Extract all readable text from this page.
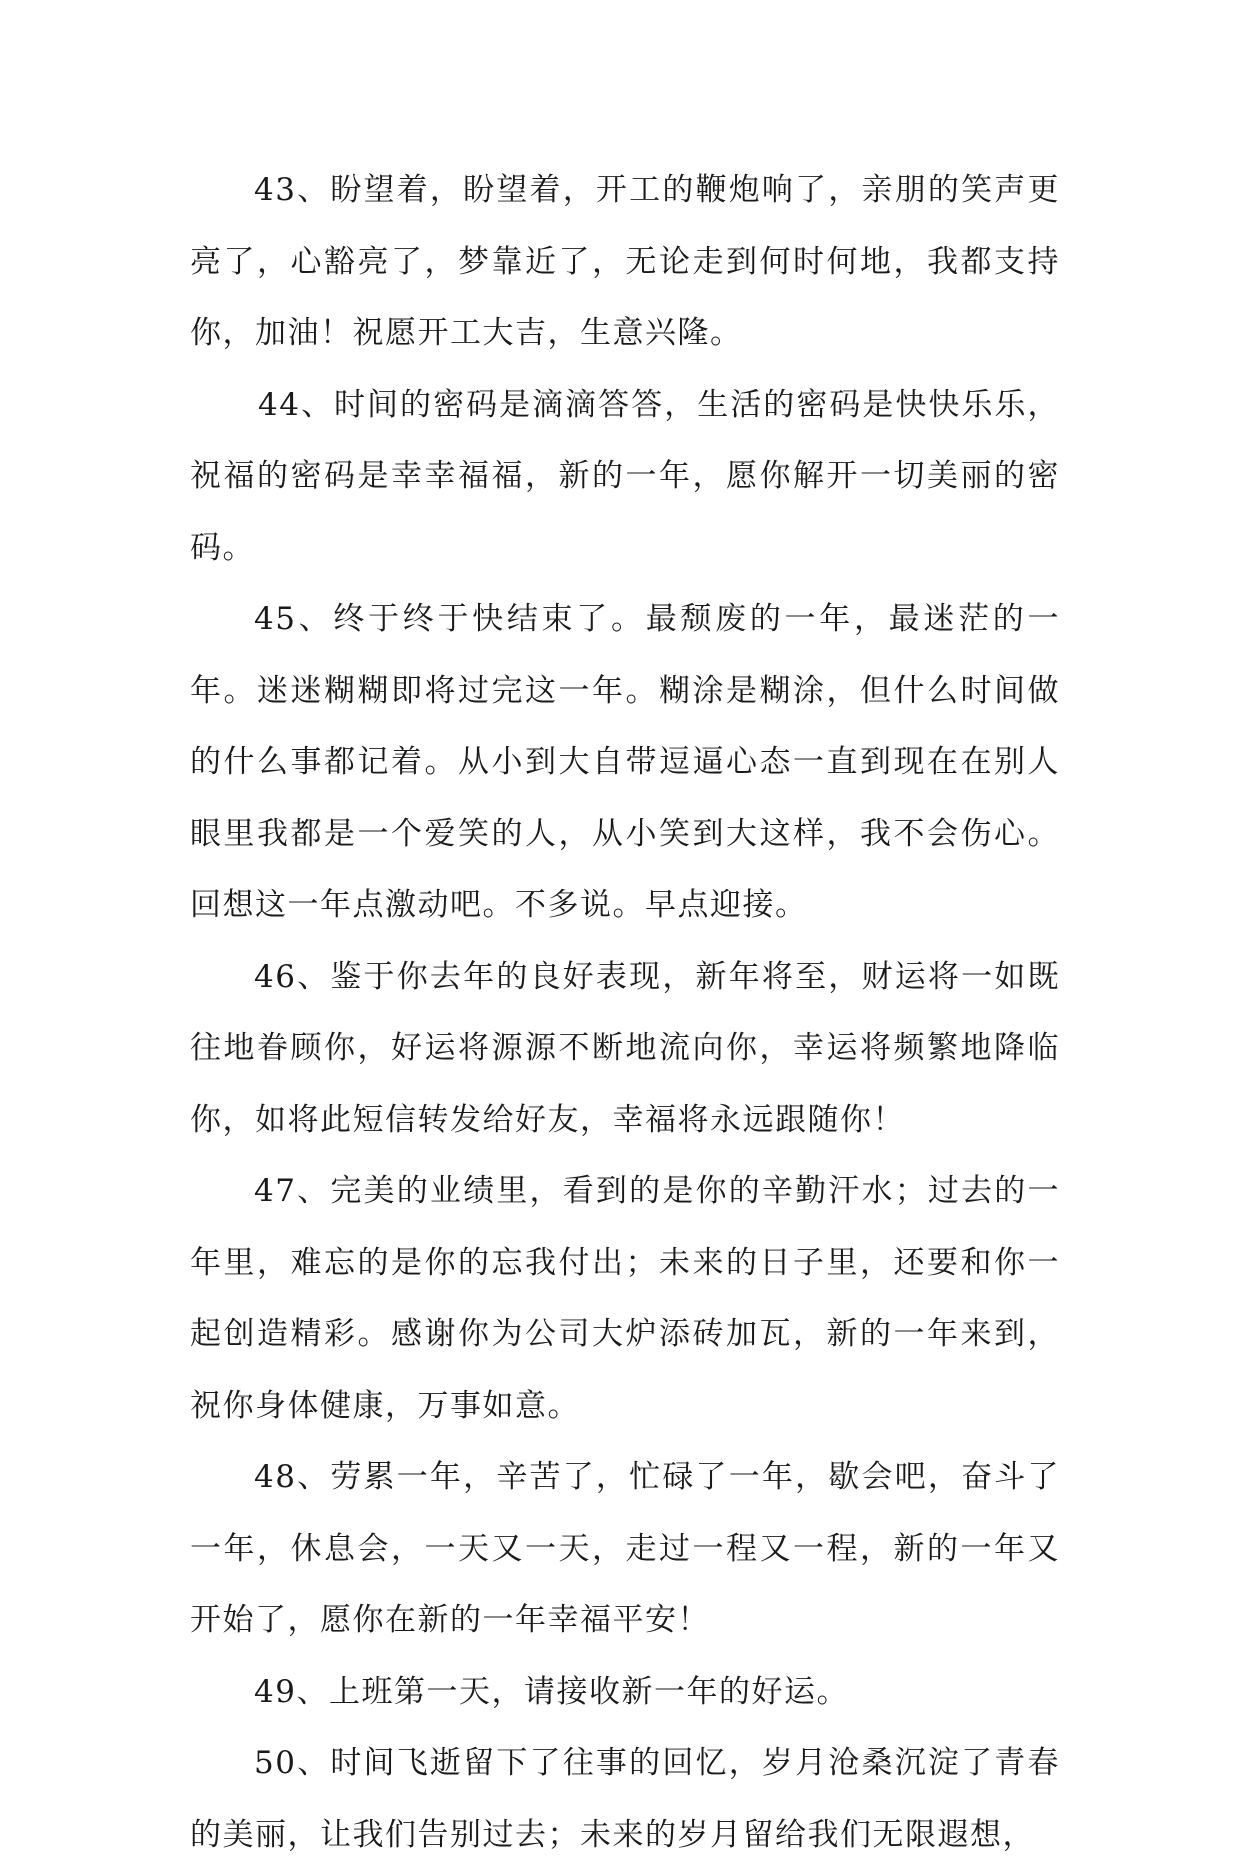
43、盼望着，盼望着，开工的鞭炮响了，亲朋的笑声更亮了，心豁亮了，梦靠近了，无论走到何时何地，我都支持你，加油！祝愿开工大吉，生意兴隆。

44、时间的密码是滴滴答答，生活的密码是快快乐乐，祝福的密码是幸幸福福，新的一年，愿你解开一切美丽的密码。

45、终于终于快结束了。最颓废的一年，最迷茫的一年。迷迷糊糊即将过完这一年。糊涂是糊涂，但什么时间做的什么事都记着。从小到大自带逗逼心态一直到现在在别人眼里我都是一个爱笑的人，从小笑到大这样，我不会伤心。回想这一年点激动吧。不多说。早点迎接。

46、鉴于你去年的良好表现，新年将至，财运将一如既往地眷顾你，好运将源源不断地流向你，幸运将频繁地降临你，如将此短信转发给好友，幸福将永远跟随你！

47、完美的业绩里，看到的是你的辛勤汗水；过去的一年里，难忘的是你的忘我付出；未来的日子里，还要和你一起创造精彩。感谢你为公司大炉添砖加瓦，新的一年来到，祝你身体健康，万事如意。

48、劳累一年，辛苦了，忙碌了一年，歇会吧，奋斗了一年，休息会，一天又一天，走过一程又一程，新的一年又开始了，愿你在新的一年幸福平安！

49、上班第一天，请接收新一年的好运。

50、时间飞逝留下了往事的回忆，岁月沧桑沉淀了青春的美丽，让我们告别过去；未来的岁月留给我们无限遐想，
